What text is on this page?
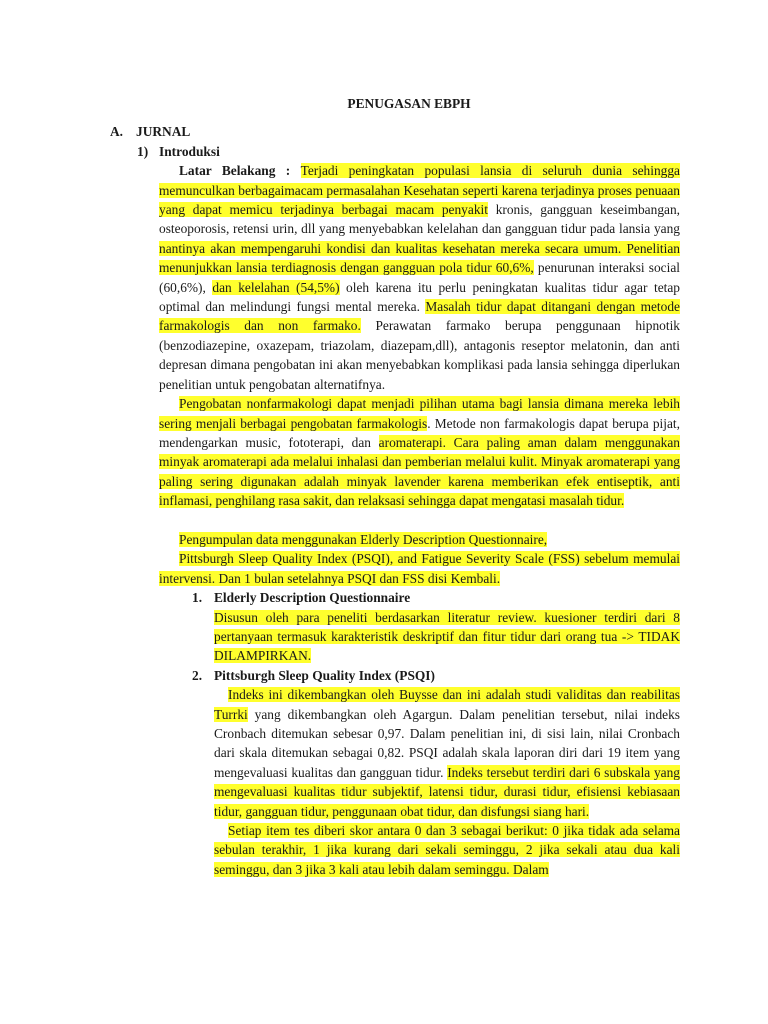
PENUGASAN EBPH

A. JURNAL

1) Introduksi

Latar Belakang : Terjadi peningkatan populasi lansia di seluruh dunia sehingga memunculkan berbagaimacam permasalahan Kesehatan seperti karena terjadinya proses penuaan yang dapat memicu terjadinya berbagai macam penyakit kronis, gangguan keseimbangan, osteoporosis, retensi urin, dll yang menyebabkan kelelahan dan gangguan tidur pada lansia yang nantinya akan mempengaruhi kondisi dan kualitas kesehatan mereka secara umum. Penelitian menunjukkan lansia terdiagnosis dengan gangguan pola tidur 60,6%, penurunan interaksi social (60,6%), dan kelelahan (54,5%) oleh karena itu perlu peningkatan kualitas tidur agar tetap optimal dan melindungi fungsi mental mereka. Masalah tidur dapat ditangani dengan metode farmakologis dan non farmako. Perawatan farmako berupa penggunaan hipnotik (benzodiazepine, oxazepam, triazolam, diazepam,dll), antagonis reseptor melatonin, dan anti depresan dimana pengobatan ini akan menyebabkan komplikasi pada lansia sehingga diperlukan penelitian untuk pengobatan alternatifnya.

Pengobatan nonfarmakologi dapat menjadi pilihan utama bagi lansia dimana mereka lebih sering menjali berbagai pengobatan farmakologis. Metode non farmakologis dapat berupa pijat, mendengarkan music, fototerapi, dan aromaterapi. Cara paling aman dalam menggunakan minyak aromaterapi ada melalui inhalasi dan pemberian melalui kulit. Minyak aromaterapi yang paling sering digunakan adalah minyak lavender karena memberikan efek entiseptik, anti inflamasi, penghilang rasa sakit, dan relaksasi sehingga dapat mengatasi masalah tidur.

Pengumpulan data menggunakan Elderly Description Questionnaire,

Pittsburgh Sleep Quality Index (PSQI), and Fatigue Severity Scale (FSS) sebelum memulai intervensi. Dan 1 bulan setelahnya PSQI dan FSS disi Kembali.

1. Elderly Description Questionnaire

Disusun oleh para peneliti berdasarkan literatur review. kuesioner terdiri dari 8 pertanyaan termasuk karakteristik deskriptif dan fitur tidur dari orang tua -> TIDAK DILAMPIRKAN.

2. Pittsburgh Sleep Quality Index (PSQI)

Indeks ini dikembangkan oleh Buysse dan ini adalah studi validitas dan reabilitas Turrki yang dikembangkan oleh Agargun. Dalam penelitian tersebut, nilai indeks Cronbach ditemukan sebesar 0,97. Dalam penelitian ini, di sisi lain, nilai Cronbach dari skala ditemukan sebagai 0,82. PSQI adalah skala laporan diri dari 19 item yang mengevaluasi kualitas dan gangguan tidur. Indeks tersebut terdiri dari 6 subskala yang mengevaluasi kualitas tidur subjektif, latensi tidur, durasi tidur, efisiensi kebiasaan tidur, gangguan tidur, penggunaan obat tidur, dan disfungsi siang hari.

Setiap item tes diberi skor antara 0 dan 3 sebagai berikut: 0 jika tidak ada selama sebulan terakhir, 1 jika kurang dari sekali seminggu, 2 jika sekali atau dua kali seminggu, dan 3 jika 3 kali atau lebih dalam seminggu. Dalam
